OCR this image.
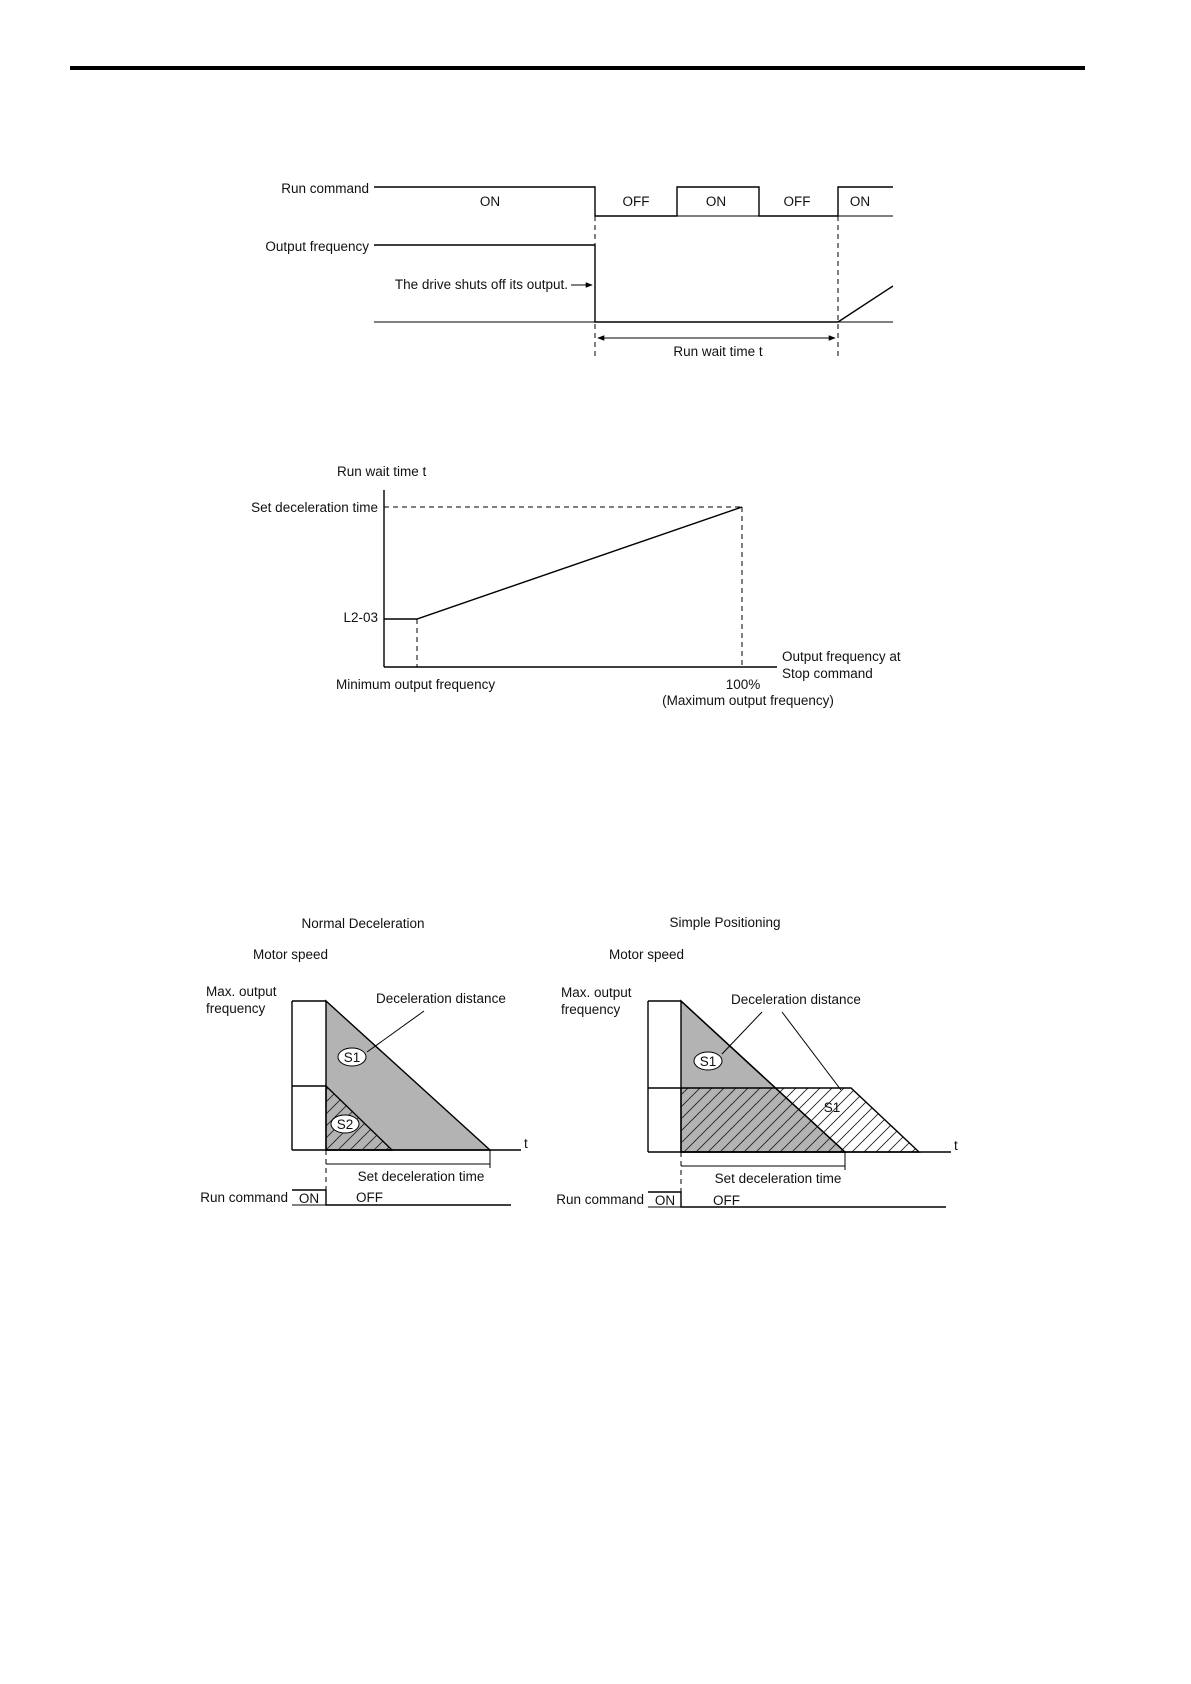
Run command
ON	OFF	ON	OFF	ON
Output frequency
The drive shuts off its output.
Run wait time t
Run wait time t
Set deceleration time
L2-03
Output frequency at
Stop command
Minimum output frequency	100%
(Maximum output frequency)
Normal Deceleration
Motor speed
Max. output
frequency
t
S1
S2
Deceleration distance
Set deceleration time
Run command ON	OFF
Simple Positioning
Motor speed
Max. output
frequency
t
S1
S1
Deceleration distance
Set deceleration time
Run command ON	OFF
